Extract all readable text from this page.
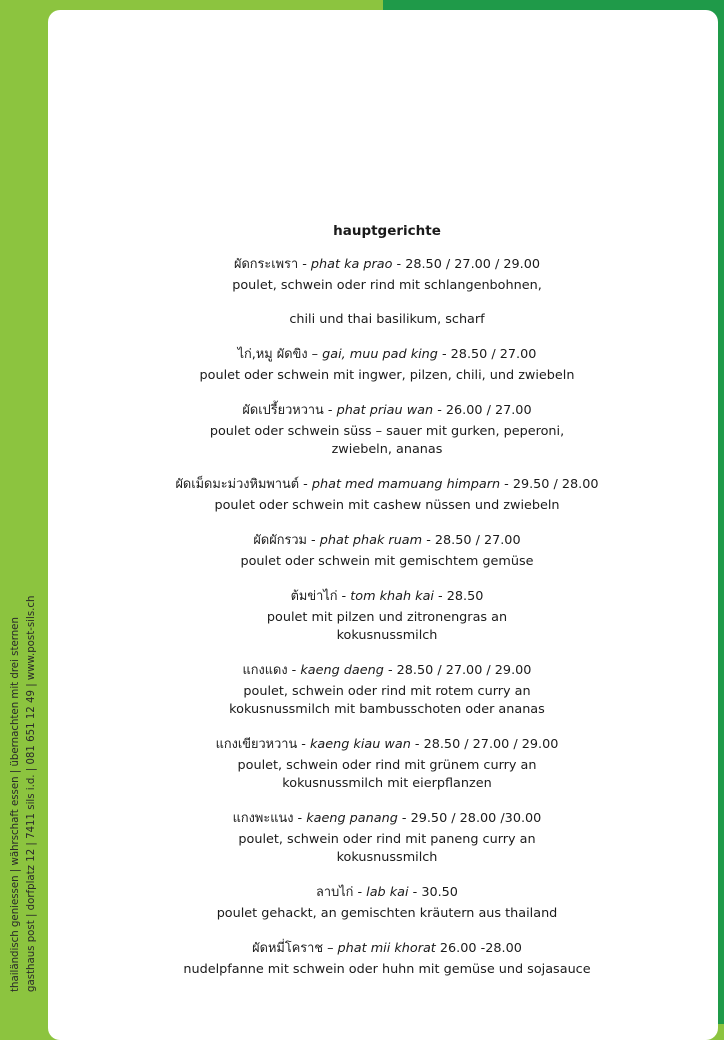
thailändisch geniessen | währschaft essen | übernachten mit drei sternen gasthaus post | dorfplatz 12 | 7411 sils i.d. | 081 651 12 49 | www.post-sils.ch
hauptgerichte
ผัดกระเพรา - phat ka prao - 28.50 / 27.00 / 29.00
poulet, schwein oder rind mit schlangenbohnen,
chili und thai basilikum, scharf
ไก่,หมู ผัดขิง – gai, muu pad king - 28.50 / 27.00
poulet oder schwein mit ingwer, pilzen, chili, und zwiebeln
ผัดเปรี้ยวหวาน - phat priau wan - 26.00 / 27.00
poulet oder schwein süss – sauer mit gurken, peperoni,
zwiebeln, ananas
ผัดเม็ดมะม่วงหิมพานต์ - phat med mamuang himparn - 29.50 / 28.00
poulet oder schwein mit cashew nüssen und zwiebeln
ผัดผักรวม - phat phak ruam - 28.50 / 27.00
poulet oder schwein mit gemischtem gemüse
ต้มข่าไก่ - tom khah kai - 28.50
poulet mit pilzen und zitronengras an
kokusnussmilch
แกงแดง - kaeng daeng - 28.50 / 27.00 / 29.00
poulet, schwein oder rind mit rotem curry an
kokusnussmilch mit bambusschoten oder ananas
แกงเขียวหวาน - kaeng kiau wan - 28.50 / 27.00 / 29.00
poulet, schwein oder rind mit grünem curry an
kokusnussmilch mit eierpflanzen
แกงพะแนง - kaeng panang - 29.50 / 28.00 /30.00
poulet, schwein oder rind mit paneng curry an
kokusnussmilch
ลาบไก่ - lab kai - 30.50
poulet gehackt, an gemischten kräutern aus thailand
ผัดหมี่โคราช – phat mii khorat 26.00 -28.00
nudelpfanne mit schwein oder huhn mit gemüse und sojasauce
